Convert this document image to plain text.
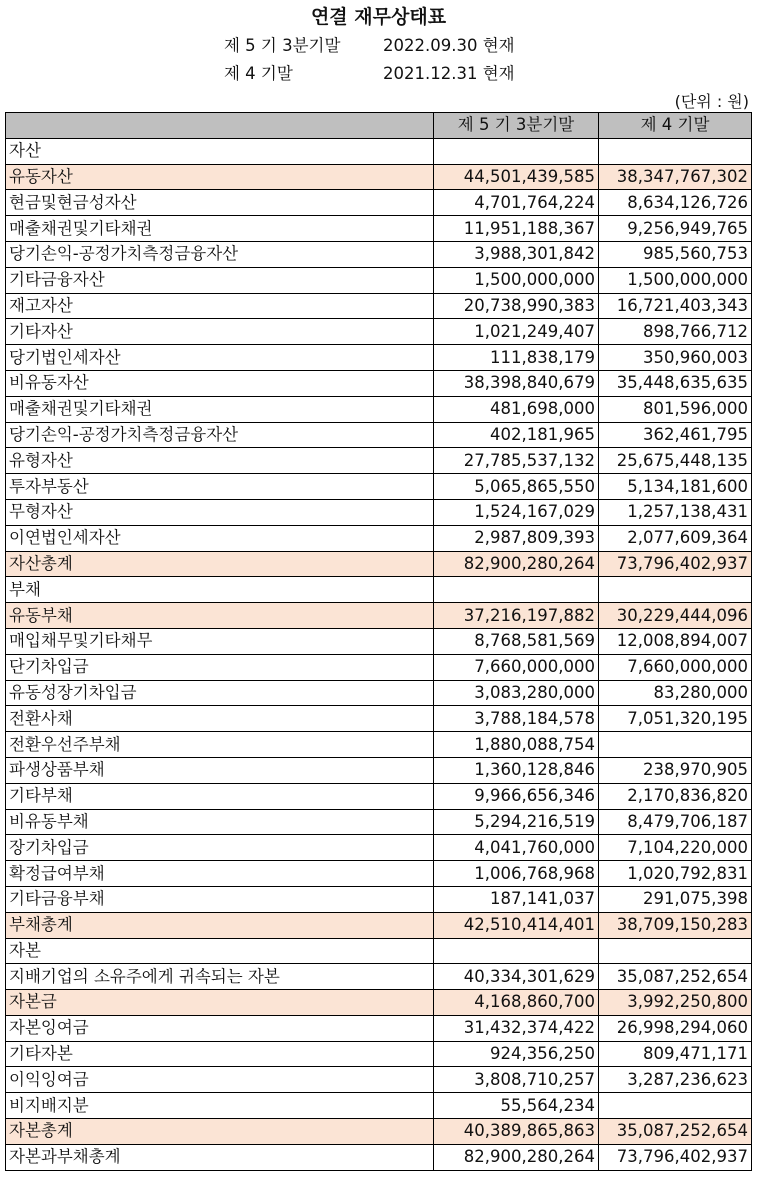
연결 재무상태표
제 5 기 3분기말	2022.09.30 현재
제 4 기말	2021.12.31 현재
(단위 : 원)
	제 5 기 3분기말	제 4 기말
자산		
유동자산	44,501,439,585	38,347,767,302
현금및현금성자산	4,701,764,224	8,634,126,726
매출채권및기타채권	11,951,188,367	9,256,949,765
당기손익-공정가치측정금융자산	3,988,301,842	985,560,753
기타금융자산	1,500,000,000	1,500,000,000
재고자산	20,738,990,383	16,721,403,343
기타자산	1,021,249,407	898,766,712
당기법인세자산	111,838,179	350,960,003
비유동자산	38,398,840,679	35,448,635,635
매출채권및기타채권	481,698,000	801,596,000
당기손익-공정가치측정금융자산	402,181,965	362,461,795
유형자산	27,785,537,132	25,675,448,135
투자부동산	5,065,865,550	5,134,181,600
무형자산	1,524,167,029	1,257,138,431
이연법인세자산	2,987,809,393	2,077,609,364
자산총계	82,900,280,264	73,796,402,937
부채		
유동부채	37,216,197,882	30,229,444,096
매입채무및기타채무	8,768,581,569	12,008,894,007
단기차입금	7,660,000,000	7,660,000,000
유동성장기차입금	3,083,280,000	83,280,000
전환사채	3,788,184,578	7,051,320,195
전환우선주부채	1,880,088,754	
파생상품부채	1,360,128,846	238,970,905
기타부채	9,966,656,346	2,170,836,820
비유동부채	5,294,216,519	8,479,706,187
장기차입금	4,041,760,000	7,104,220,000
확정급여부채	1,006,768,968	1,020,792,831
기타금융부채	187,141,037	291,075,398
부채총계	42,510,414,401	38,709,150,283
자본		
지배기업의 소유주에게 귀속되는 자본	40,334,301,629	35,087,252,654
자본금	4,168,860,700	3,992,250,800
자본잉여금	31,432,374,422	26,998,294,060
기타자본	924,356,250	809,471,171
이익잉여금	3,808,710,257	3,287,236,623
비지배지분	55,564,234	
자본총계	40,389,865,863	35,087,252,654
자본과부채총계	82,900,280,264	73,796,402,937
